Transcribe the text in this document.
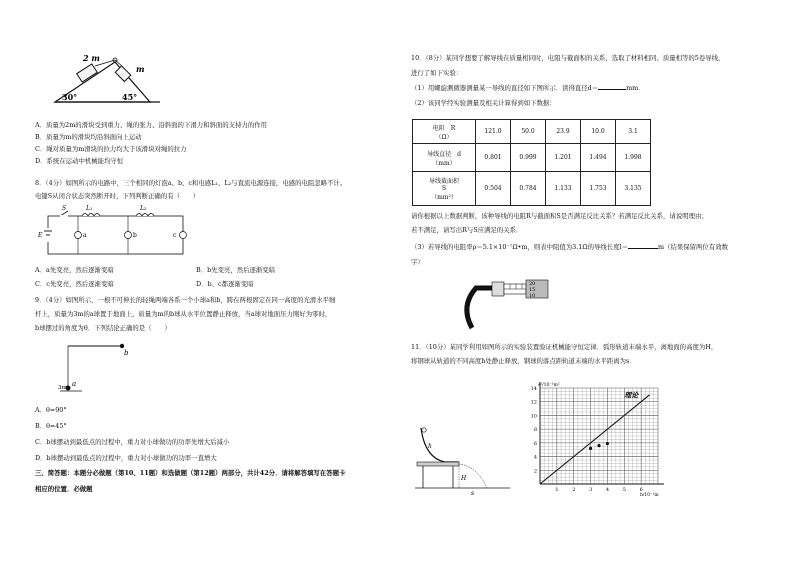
2 m
m
30°	45°
A．质量为2m的滑块受到重力、绳的张力、沿斜面的下滑力和斜面的支持力的作用
B．质量为m的滑块均沿斜面向上运动
C．绳对质量为m滑块的拉力均大于该滑块对绳的拉力
D．系统在运动中机械能均守恒
8．（4分）如图所示的电路中，三个相同的灯泡a、b、c和电感L₁、L₂与直流电源连接，电感的电阻忽略不计。
电键S从闭合状态突然断开时，下列判断正确的有（　　）
S	L₁	L₂
E	a	b	c
A．a先变亮，然后逐渐变暗	B．b先变亮，然后逐渐变暗
C．c先变亮，然后逐渐变暗	D．b、c都逐渐变暗
9．（4分）如图所示，一根不可伸长的轻绳两端各系一个小球a和b，跨在两根固定在同一高度的光滑水平细
杆上，质量为3m的a球置于地面上，质量为m的b球从水平位置静止释放，当a球对地面压力刚好为零时，
b球摆过的角度为θ．下列结论正确的是（　　）
b
a
3m
A．θ=90°
B．θ=45°
C．b球摆动到最低点的过程中，重力对小球做功的功率先增大后减小
D．b球摆动到最低点的过程中，重力对小球做功的功率一直增大
三、简答题：本题分必做题（第10、11题）和选做题（第12题）两部分，共计42分．请将解答填写在答题卡
相应的位置．必做题
10．（8分）某同学想要了解导线在质量相同时，电阻与截面积的关系，选取了材料相同、质量相等的5卷导线，
进行了如下实验：
（1）用螺旋测微器测量某一导线的直径如下图所示．读得直径d＝	mm．
（2）该同学经实验测量及相关计算得到如下数据：
电阻　R
（Ω）	121.0	50.0	23.9	10.0	3.1

导线直径　d
（mm）	0.801	0.999	1.201	1.494	1.998

导线截面积
S
（mm²）	0.504	0.784	1.133	1.753	3.135
请你根据以上数据判断，该种导线的电阻R与截面积S是否满足反比关系？若满足反比关系，请说明理由；
若不满足，请写出R与S应满足的关系．
（3）若导线的电阻率ρ＝5.1×10⁻⁷Ω•m，则表中阻值为3.1Ω的导线长度l＝	m（结果保留两位有效数
字）
20
15
10
11．（10分）某同学利用如图所示的实验装置验证机械能守恒定律．弧形轨道末端水平，离地面的高度为H，
将钢球从轨道的不同高度h处静止释放，钢球的落点距轨道末端的水平距离为s．
h
H
s	1	2	3	4	5	6
2
4
6
8
10
12
14
h/10⁻¹m
s²/10⁻¹m²
理论
